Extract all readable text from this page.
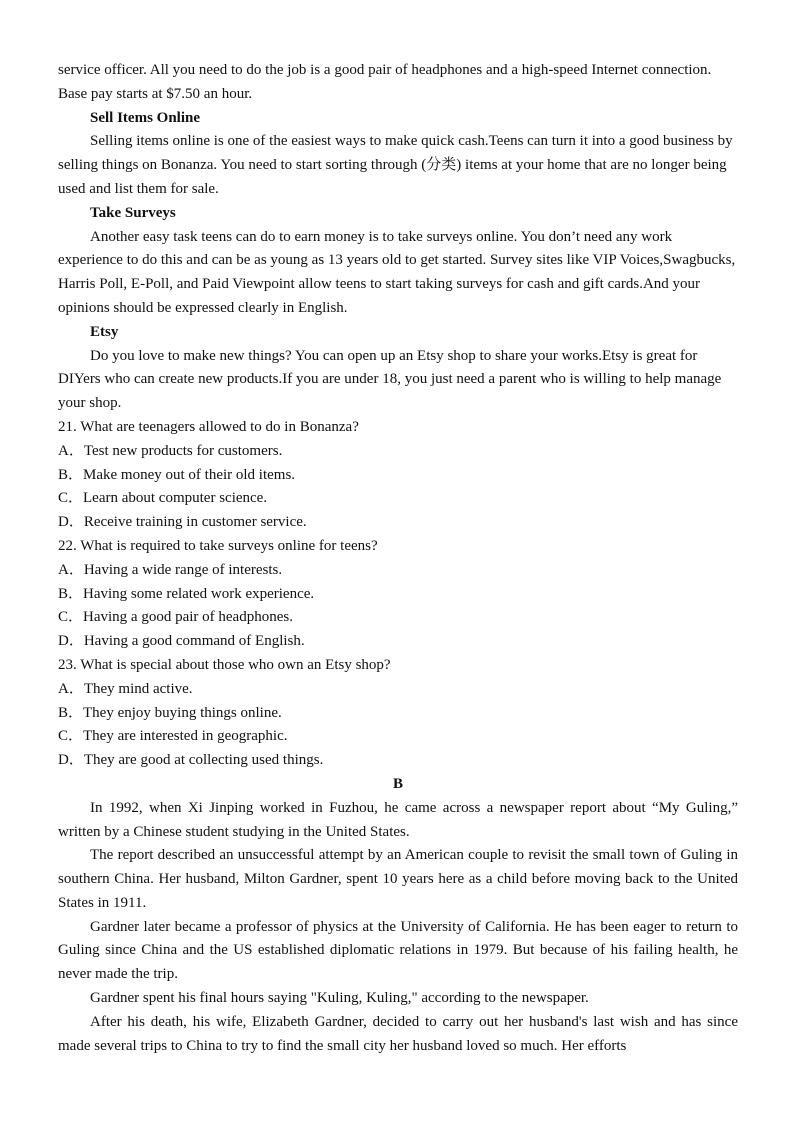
service officer. All you need to do the job is a good pair of headphones and a high-speed Internet connection. Base pay starts at $7.50 an hour.

Sell Items Online

Selling items online is one of the easiest ways to make quick cash.Teens can turn it into a good business by selling things on Bonanza. You need to start sorting through (分类) items at your home that are no longer being used and list them for sale.

Take Surveys

Another easy task teens can do to earn money is to take surveys online. You don’t need any work experience to do this and can be as young as 13 years old to get started. Survey sites like VIP Voices,Swagbucks, Harris Poll, E-Poll, and Paid Viewpoint allow teens to start taking surveys for cash and gift cards.And your opinions should be expressed clearly in English.

Etsy

Do you love to make new things? You can open up an Etsy shop to share your works.Etsy is great for DIYers who can create new products.If you are under 18, you just need a parent who is willing to help manage your shop.

21. What are teenagers allowed to do in Bonanza?

A．Test new products for customers.

B．Make money out of their old items.

C．Learn about computer science.

D．Receive training in customer service.

22. What is required to take surveys online for teens?

A．Having a wide range of interests.

B．Having some related work experience.

C．Having a good pair of headphones.

D．Having a good command of English.

23. What is special about those who own an Etsy shop?

A．They mind active.

B．They enjoy buying things online.

C．They are interested in geographic.

D．They are good at collecting used things.

B

In 1992, when Xi Jinping worked in Fuzhou, he came across a newspaper report about “My Guling,” written by a Chinese student studying in the United States.

The report described an unsuccessful attempt by an American couple to revisit the small town of Guling in southern China. Her husband, Milton Gardner, spent 10 years here as a child before moving back to the United States in 1911.

Gardner later became a professor of physics at the University of California. He has been eager to return to Guling since China and the US established diplomatic relations in 1979. But because of his failing health, he never made the trip.

Gardner spent his final hours saying "Kuling, Kuling," according to the newspaper.

After his death, his wife, Elizabeth Gardner, decided to carry out her husband's last wish and has since made several trips to China to try to find the small city her husband loved so much. Her efforts
